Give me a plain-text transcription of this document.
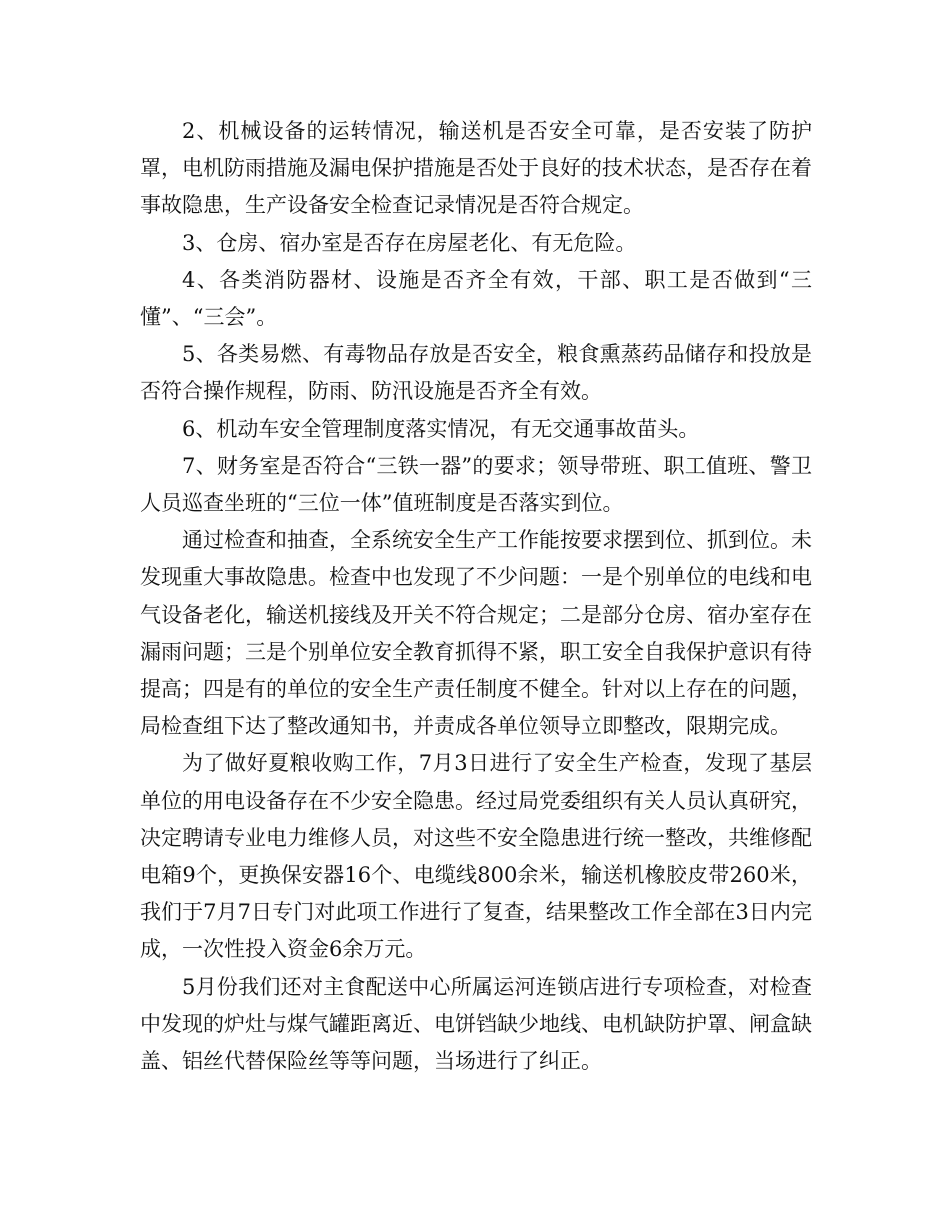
2、机械设备的运转情况，输送机是否安全可靠，是否安装了防护罩，电机防雨措施及漏电保护措施是否处于良好的技术状态，是否存在着事故隐患，生产设备安全检查记录情况是否符合规定。

3、仓房、宿办室是否存在房屋老化、有无危险。

4、各类消防器材、设施是否齐全有效，干部、职工是否做到“三懂”、“三会”。

5、各类易燃、有毒物品存放是否安全，粮食熏蒸药品储存和投放是否符合操作规程，防雨、防汛设施是否齐全有效。

6、机动车安全管理制度落实情况，有无交通事故苗头。

7、财务室是否符合“三铁一器”的要求；领导带班、职工值班、警卫人员巡查坐班的“三位一体”值班制度是否落实到位。

通过检查和抽查，全系统安全生产工作能按要求摆到位、抓到位。未发现重大事故隐患。检查中也发现了不少问题：一是个别单位的电线和电气设备老化，输送机接线及开关不符合规定；二是部分仓房、宿办室存在漏雨问题；三是个别单位安全教育抓得不紧，职工安全自我保护意识有待提高；四是有的单位的安全生产责任制度不健全。针对以上存在的问题，局检查组下达了整改通知书，并责成各单位领导立即整改，限期完成。

为了做好夏粮收购工作，7月3日进行了安全生产检查，发现了基层单位的用电设备存在不少安全隐患。经过局党委组织有关人员认真研究，决定聘请专业电力维修人员，对这些不安全隐患进行统一整改，共维修配电箱9个，更换保安器16个、电缆线800余米，输送机橡胶皮带260米，我们于7月7日专门对此项工作进行了复查，结果整改工作全部在3日内完成，一次性投入资金6余万元。

5月份我们还对主食配送中心所属运河连锁店进行专项检查，对检查中发现的炉灶与煤气罐距离近、电饼铛缺少地线、电机缺防护罩、闸盒缺盖、铝丝代替保险丝等等问题，当场进行了纠正。
